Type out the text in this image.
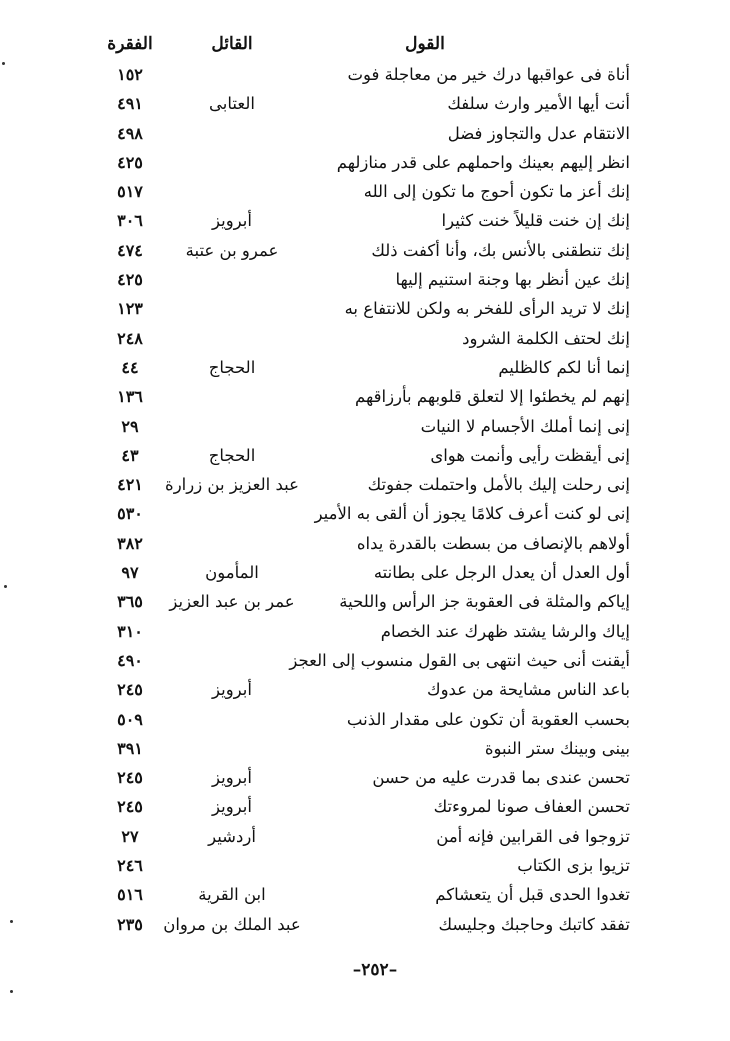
القول
القائل
الفقرة
أناة فى عواقبها درك خير من معاجلة فوت
١٥٢
أنت أيها الأمير وارث سلفك
العتابى
٤٩١
الانتقام عدل والتجاوز فضل
٤٩٨
انظر إليهم بعينك واحملهم على قدر منازلهم
٤٢٥
إنك أعز ما تكون أحوج ما تكون إلى الله
٥١٧
إنك إن خنت قليلاً خنت كثيرا
أبرويز
٣٠٦
إنك تنطقنى بالأنس بك، وأنا أكفت ذلك
عمرو بن عتبة
٤٧٤
إنك عين أنظر بها وجنة استنيم إليها
٤٢٥
إنك لا تريد الرأى للفخر به ولكن للانتفاع به
١٢٣
إنك لحتف الكلمة الشرود
٢٤٨
إنما أنا لكم كالظليم
الحجاج
٤٤
إنهم لم يخطئوا إلا لتعلق قلوبهم بأرزاقهم
١٣٦
إنى إنما أملك الأجسام لا النيات
٢٩
إنى أيقظت رأيى وأنمت هواى
الحجاج
٤٣
إنى رحلت إليك بالأمل واحتملت جفوتك
عبد العزيز بن زرارة
٤٢١
إنى لو كنت أعرف كلامًا يجوز أن ألقى به الأمير
٥٣٠
أولاهم بالإنصاف من بسطت بالقدرة يداه
٣٨٢
أول العدل أن يعدل الرجل على بطانته
المأمون
٩٧
إياكم والمثلة فى العقوبة جز الرأس واللحية
عمر بن عبد العزيز
٣٦٥
إياك والرشا يشتد ظهرك عند الخصام
٣١٠
أيقنت أنى حيث انتهى بى القول منسوب إلى العجز
٤٩٠
باعد الناس مشايحة من عدوك
أبرويز
٢٤٥
بحسب العقوبة أن تكون على مقدار الذنب
٥٠٩
بينى وبينك ستر النبوة
٣٩١
تحسن عندى بما قدرت عليه من حسن
أبرويز
٢٤٥
تحسن العفاف صونا لمروءتك
أبرويز
٢٤٥
تزوجوا فى القرابين فإنه أمن
أردشير
٢٧
تزيوا بزى الكتاب
٢٤٦
تغدوا الحدى قبل أن يتعشاكم
ابن القرية
٥١٦
تفقد كاتبك وحاجبك وجليسك
عبد الملك بن مروان
٢٣٥
–٢٥٢–
